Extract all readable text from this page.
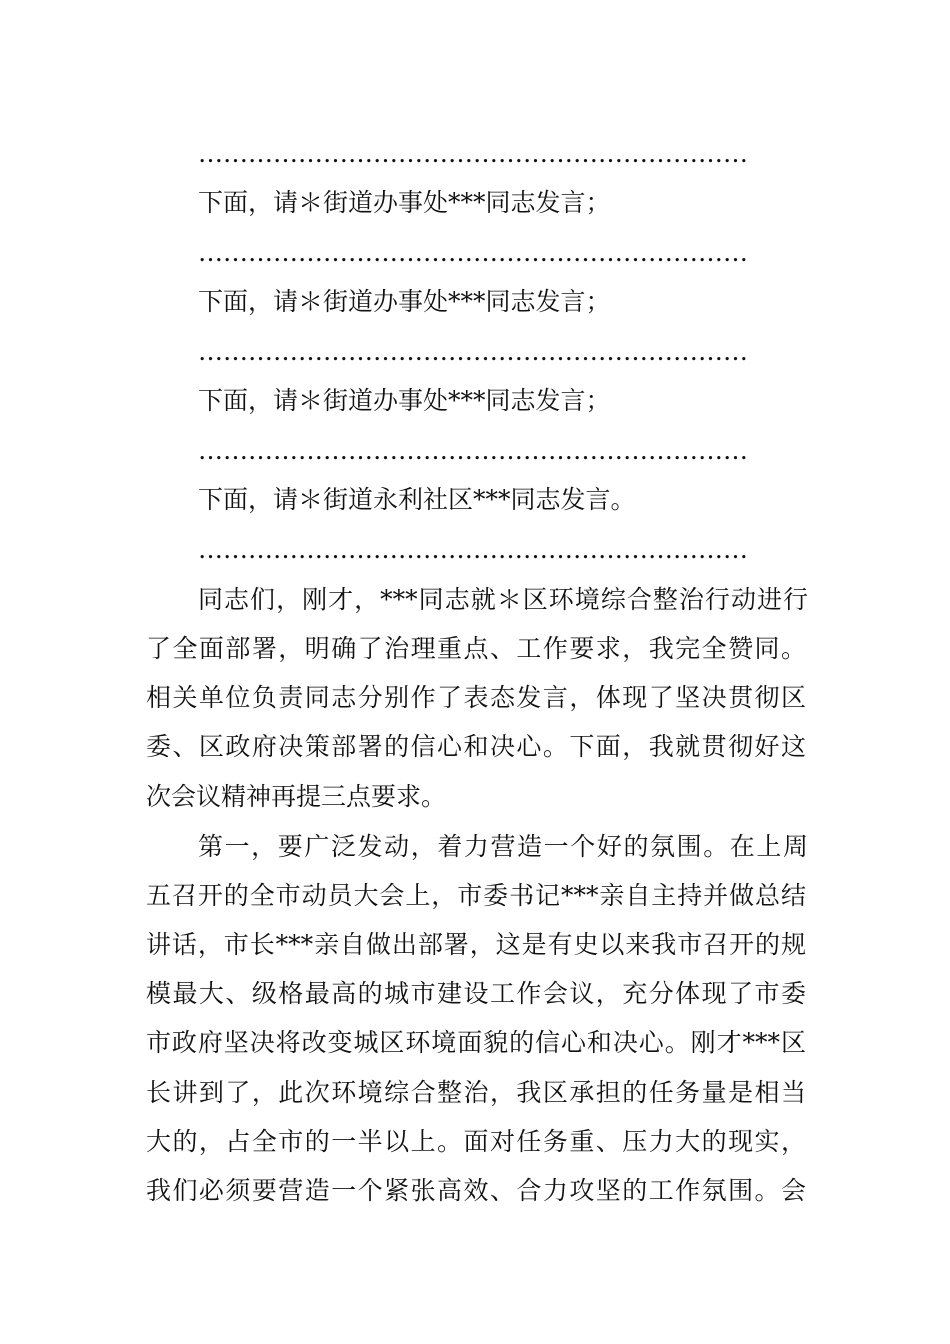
…………………………………………………………
下面，请＊街道办事处***同志发言；
…………………………………………………………
下面，请＊街道办事处***同志发言；
…………………………………………………………
下面，请＊街道办事处***同志发言；
…………………………………………………………
下面，请＊街道永利社区***同志发言。
…………………………………………………………
同志们，刚才，***同志就＊区环境综合整治行动进行
了全面部署，明确了治理重点、工作要求，我完全赞同。
相关单位负责同志分别作了表态发言，体现了坚决贯彻区
委、区政府决策部署的信心和决心。下面，我就贯彻好这
次会议精神再提三点要求。
第一，要广泛发动，着力营造一个好的氛围。在上周
五召开的全市动员大会上，市委书记***亲自主持并做总结
讲话，市长***亲自做出部署，这是有史以来我市召开的规
模最大、级格最高的城市建设工作会议，充分体现了市委
市政府坚决将改变城区环境面貌的信心和决心。刚才***区
长讲到了，此次环境综合整治，我区承担的任务量是相当
大的，占全市的一半以上。面对任务重、压力大的现实，
我们必须要营造一个紧张高效、合力攻坚的工作氛围。会
